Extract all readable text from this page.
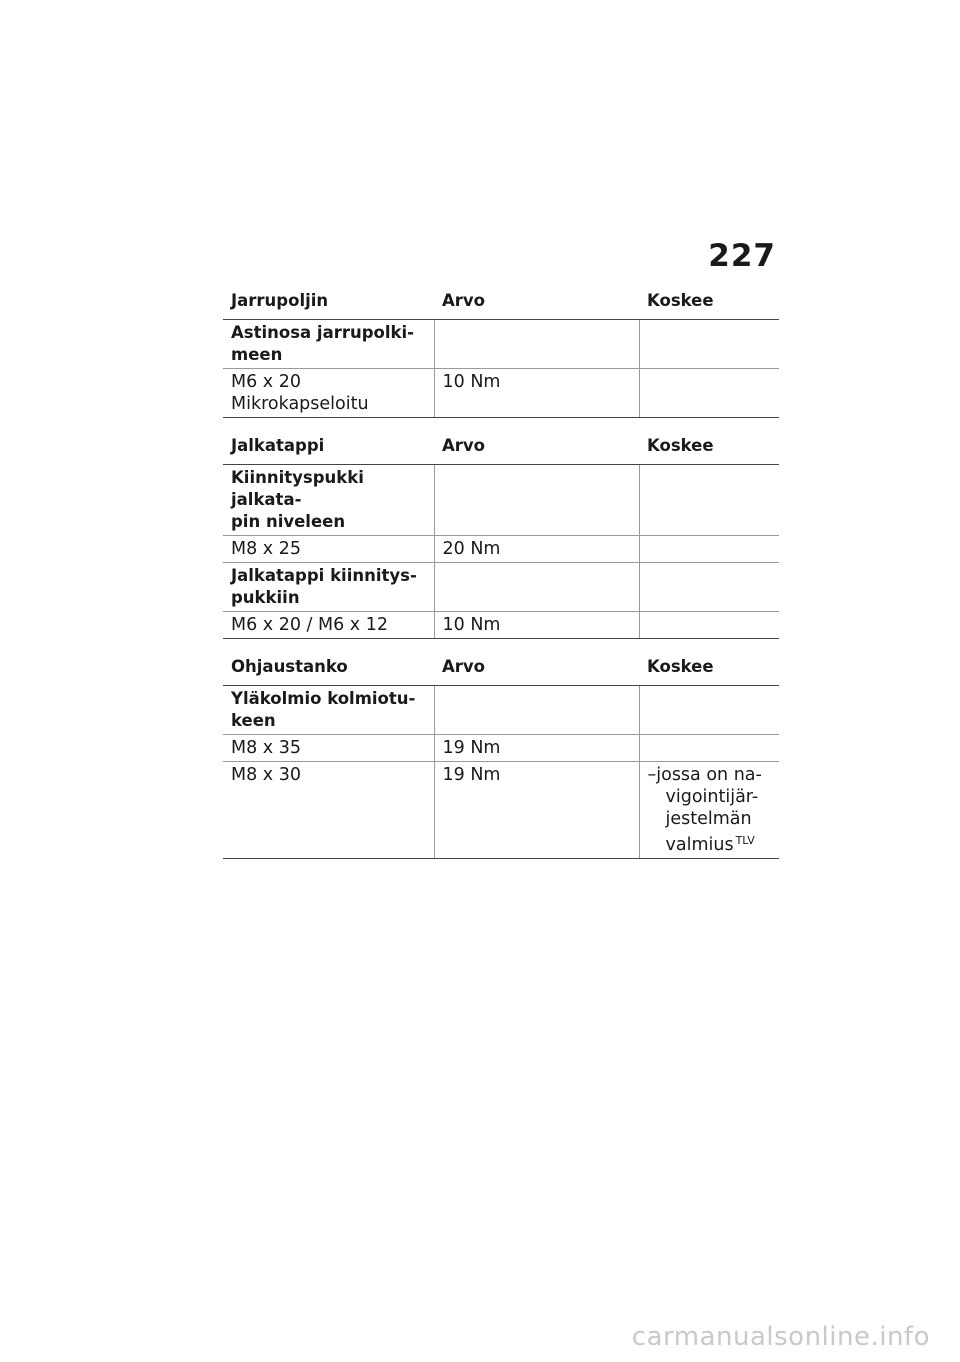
227
Jarrupoljin	Arvo	Koskee
Astinosa jarrupolki-
meen		
M6 x 20
Mikrokapseloitu	10 Nm	
Jalkatappi	Arvo	Koskee
Kiinnityspukki jalkata-
pin niveleen		
M8 x 25	20 Nm	
Jalkatappi kiinnitys-
pukkiin		
M6 x 20 / M6 x 12	10 Nm	
Ohjaustanko	Arvo	Koskee
Yläkolmio kolmiotu-
keen		
M8 x 35	19 Nm	
M8 x 30	19 Nm	–jossa on na-
vigointijär-
jestelmän
valmius $^{TLV}$
carmanualsonline.info
